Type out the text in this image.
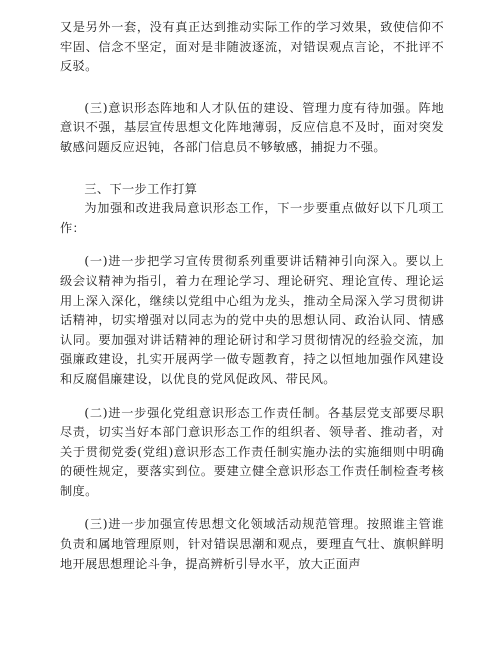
又是另外一套，没有真正达到推动实际工作的学习效果，致使信仰不牢固、信念不坚定，面对是非随波逐流，对错误观点言论，不批评不反驳。

(三)意识形态阵地和人才队伍的建设、管理力度有待加强。阵地意识不强，基层宣传思想文化阵地薄弱，反应信息不及时，面对突发敏感问题反应迟钝，各部门信息员不够敏感，捕捉力不强。

三、下一步工作打算

为加强和改进我局意识形态工作，下一步要重点做好以下几项工作：

(一)进一步把学习宣传贯彻系列重要讲话精神引向深入。要以上级会议精神为指引，着力在理论学习、理论研究、理论宣传、理论运用上深入深化，继续以党组中心组为龙头，推动全局深入学习贯彻讲话精神，切实增强对以同志为的党中央的思想认同、政治认同、情感认同。要加强对讲话精神的理论研讨和学习贯彻情况的经验交流，加强廉政建设，扎实开展两学一做专题教育，持之以恒地加强作风建设和反腐倡廉建设，以优良的党风促政风、带民风。

(二)进一步强化党组意识形态工作责任制。各基层党支部要尽职尽责，切实当好本部门意识形态工作的组织者、领导者、推动者，对关于贯彻党委(党组)意识形态工作责任制实施办法的实施细则中明确的硬性规定，要落实到位。要建立健全意识形态工作责任制检查考核制度。

(三)进一步加强宣传思想文化领域活动规范管理。按照谁主管谁负责和属地管理原则，针对错误思潮和观点，要理直气壮、旗帜鲜明地开展思想理论斗争，提高辨析引导水平，放大正面声
